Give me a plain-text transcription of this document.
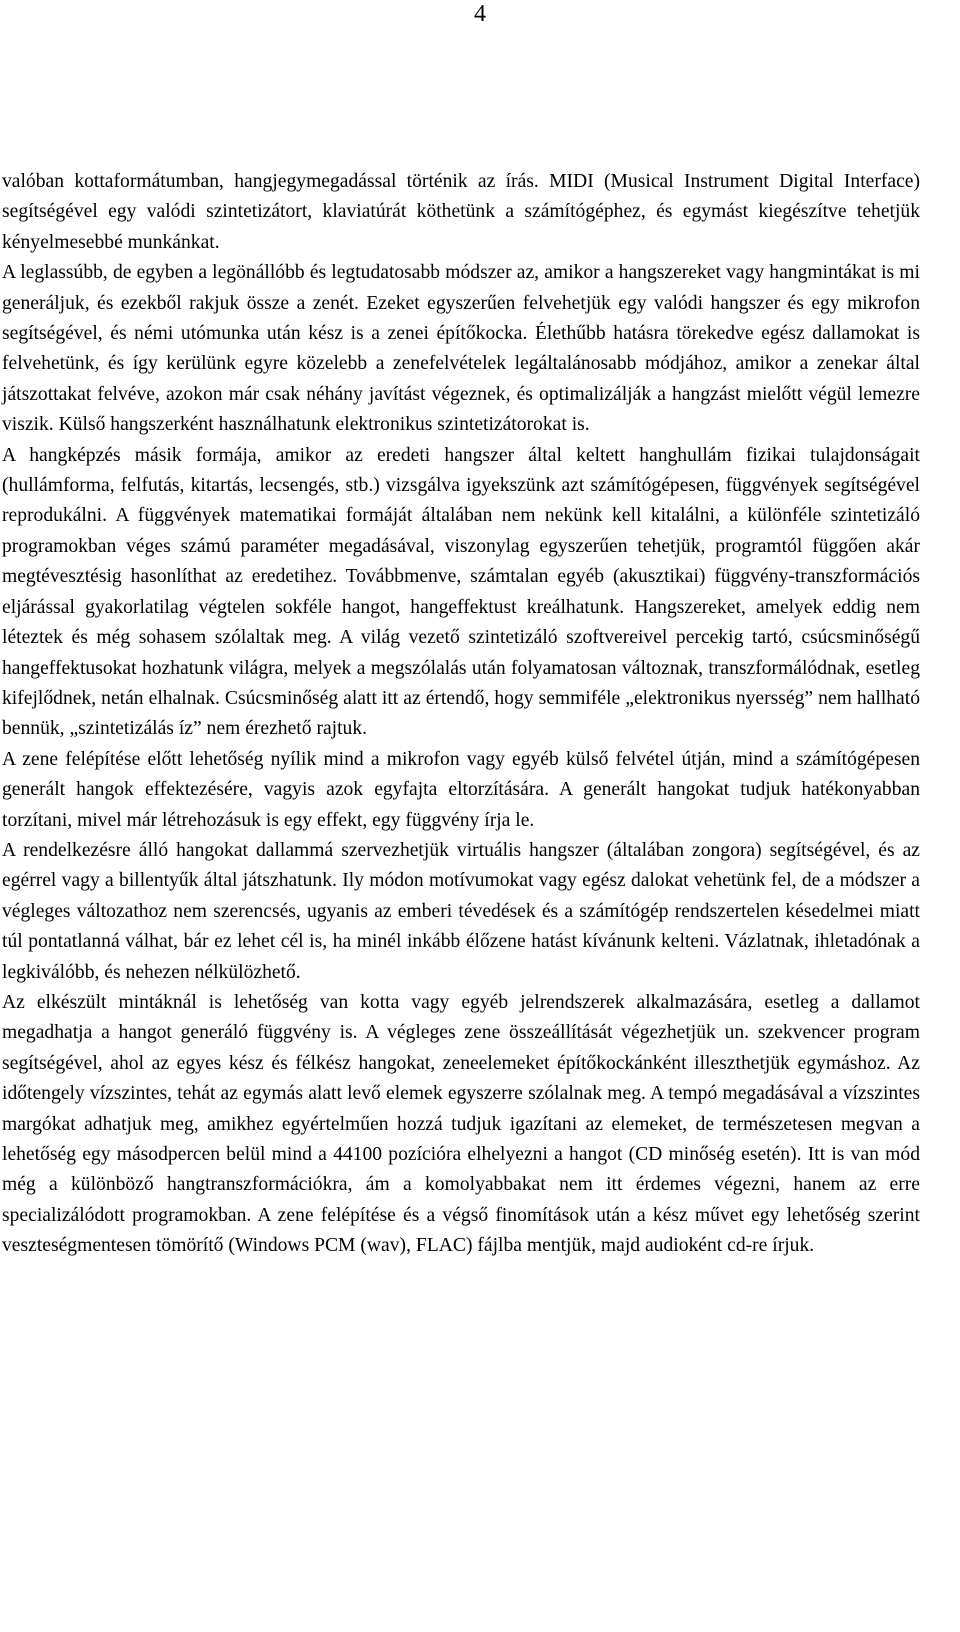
4

valóban kottaformátumban, hangjegymegadással történik az írás. MIDI (Musical Instrument Digital Interface) segítségével egy valódi szintetizátort, klaviatúrát köthetünk a számítógéphez, és egymást kiegészítve tehetjük kényelmesebbé munkánkat.

A leglassúbb, de egyben a legönállóbb és legtudatosabb módszer az, amikor a hangszereket vagy hangmintákat is mi generáljuk, és ezekből rakjuk össze a zenét. Ezeket egyszerűen felvehetjük egy valódi hangszer és egy mikrofon segítségével, és némi utómunka után kész is a zenei építőkocka. Élethűbb hatásra törekedve egész dallamokat is felvehetünk, és így kerülünk egyre közelebb a zenefelvételek legáltalánosabb módjához, amikor a zenekar által játszottakat felvéve, azokon már csak néhány javítást végeznek, és optimalizálják a hangzást mielőtt végül lemezre viszik. Külső hangszerként használhatunk elektronikus szintetizátorokat is.

A hangképzés másik formája, amikor az eredeti hangszer által keltett hanghullám fizikai tulajdonságait (hullámforma, felfutás, kitartás, lecsengés, stb.) vizsgálva igyekszünk azt számítógépesen, függvények segítségével reprodukálni. A függvények matematikai formáját általában nem nekünk kell kitalálni, a különféle szintetizáló programokban véges számú paraméter megadásával, viszonylag egyszerűen tehetjük, programtól függően akár megtévesztésig hasonlíthat az eredetihez. Továbbmenve, számtalan egyéb (akusztikai) függvény-transzformációs eljárással gyakorlatilag végtelen sokféle hangot, hangeffektust kreálhatunk. Hangszereket, amelyek eddig nem léteztek és még sohasem szólaltak meg. A világ vezető szintetizáló szoftvereivel percekig tartó, csúcsminőségű hangeffektusokat hozhatunk világra, melyek a megszólalás után folyamatosan változnak, transzformálódnak, esetleg kifejlődnek, netán elhalnak. Csúcsminőség alatt itt az értendő, hogy semmiféle „elektronikus nyersség” nem hallható bennük, „szintetizálás íz” nem érezhető rajtuk.

A zene felépítése előtt lehetőség nyílik mind a mikrofon vagy egyéb külső felvétel útján, mind a számítógépesen generált hangok effektezésére, vagyis azok egyfajta eltorzítására. A generált hangokat tudjuk hatékonyabban torzítani, mivel már létrehozásuk is egy effekt, egy függvény írja le.

A rendelkezésre álló hangokat dallammá szervezhetjük virtuális hangszer (általában zongora) segítségével, és az egérrel vagy a billentyűk által játszhatunk. Ily módon motívumokat vagy egész dalokat vehetünk fel, de a módszer a végleges változathoz nem szerencsés, ugyanis az emberi tévedések és a számítógép rendszertelen késedelmei miatt túl pontatlanná válhat, bár ez lehet cél is, ha minél inkább élőzene hatást kívánunk kelteni. Vázlatnak, ihletadónak a legkiválóbb, és nehezen nélkülözhető.

Az elkészült mintáknál is lehetőség van kotta vagy egyéb jelrendszerek alkalmazására, esetleg a dallamot megadhatja a hangot generáló függvény is. A végleges zene összeállítását végezhetjük un. szekvencer program segítségével, ahol az egyes kész és félkész hangokat, zeneelemeket építőkockánként illeszthetjük egymáshoz. Az időtengely vízszintes, tehát az egymás alatt levő elemek egyszerre szólalnak meg. A tempó megadásával a vízszintes margókat adhatjuk meg, amikhez egyértelműen hozzá tudjuk igazítani az elemeket, de természetesen megvan a lehetőség egy másodpercen belül mind a 44100 pozícióra elhelyezni a hangot (CD minőség esetén). Itt is van mód még a különböző hangtranszformációkra, ám a komolyabbakat nem itt érdemes végezni, hanem az erre specializálódott programokban. A zene felépítése és a végső finomítások után a kész művet egy lehetőség szerint veszteségmentesen tömörítő (Windows PCM (wav), FLAC) fájlba mentjük, majd audioként cd-re írjuk.
